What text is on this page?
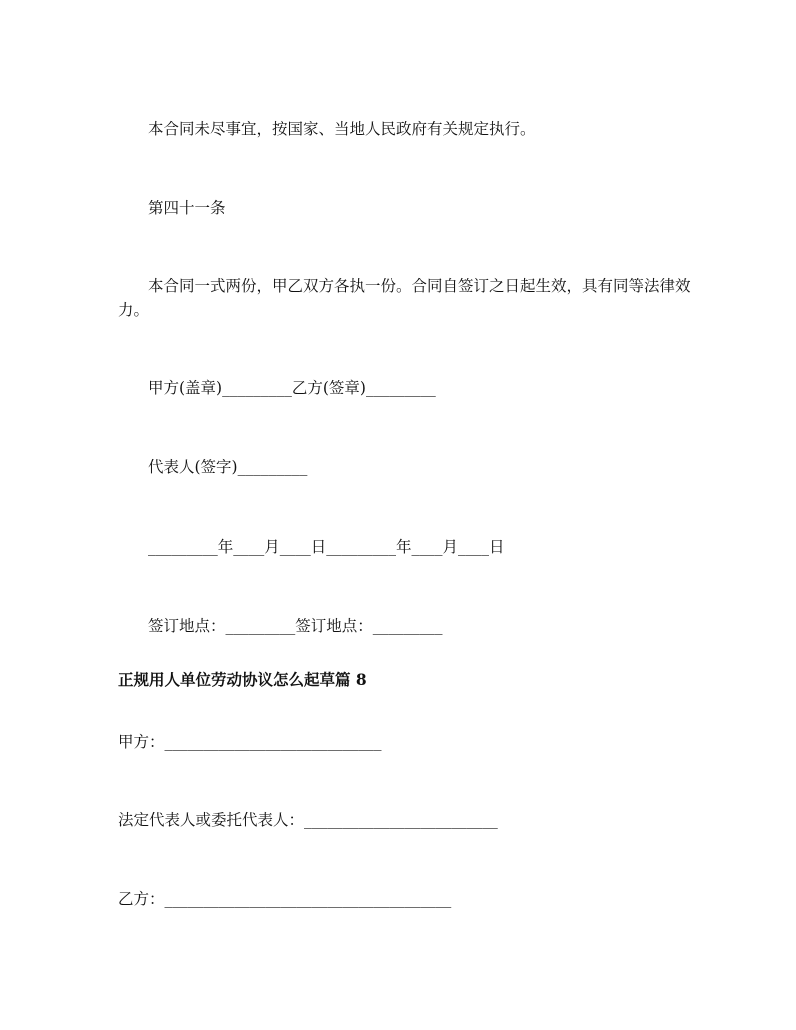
本合同未尽事宜，按国家、当地人民政府有关规定执行。

第四十一条

本合同一式两份，甲乙双方各执一份。合同自签订之日起生效，具有同等法律效力。

甲方(盖章)_________乙方(签章)_________

代表人(签字)_________

_________年____月____日_________年____月____日

签订地点：_________签订地点：_________

正规用人单位劳动协议怎么起草篇 8

甲方：____________________________

法定代表人或委托代表人：_________________________

乙方：_____________________________________
